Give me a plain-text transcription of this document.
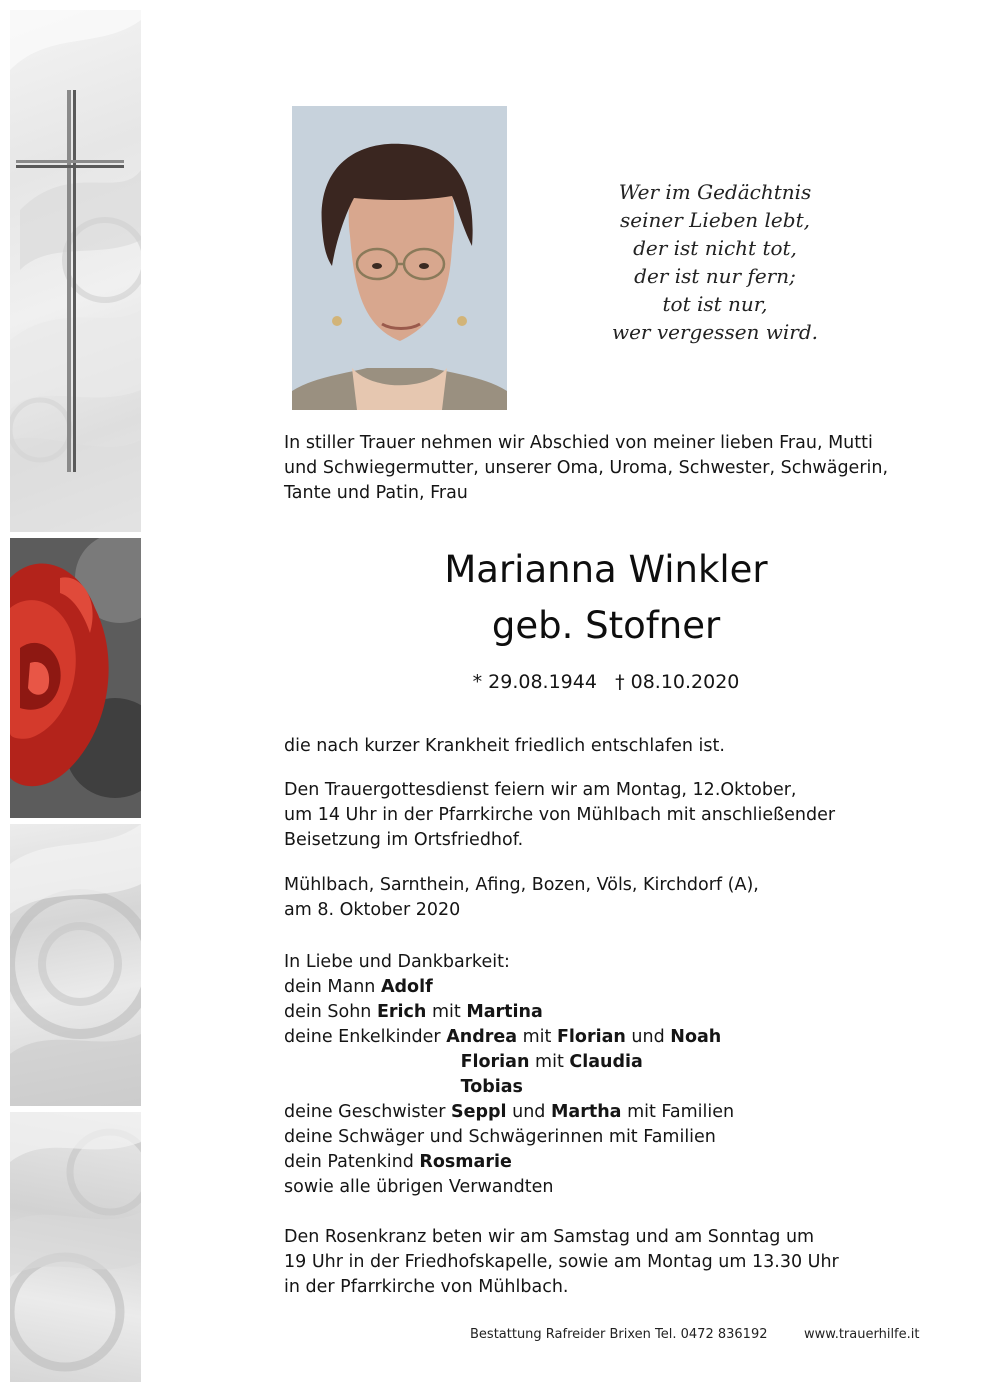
Wer im Gedächtnis
seiner Lieben lebt,
der ist nicht tot,
der ist nur fern;
tot ist nur,
wer vergessen wird.
In stiller Trauer nehmen wir Abschied von meiner lieben Frau, Mutti
und Schwiegermutter, unserer Oma, Uroma, Schwester, Schwägerin,
Tante und Patin, Frau
Marianna Winkler
geb. Stofner
* 29.08.1944 † 08.10.2020
die nach kurzer Krankheit friedlich entschlafen ist.
Den Trauergottesdienst feiern wir am Montag, 12.Oktober,
um 14 Uhr in der Pfarrkirche von Mühlbach mit anschließender
Beisetzung im Ortsfriedhof.
Mühlbach, Sarnthein, Afing, Bozen, Völs, Kirchdorf (A),
am 8. Oktober 2020
In Liebe und Dankbarkeit:
dein Mann Adolf
dein Sohn Erich mit Martina
deine Enkelkinder Andrea mit Florian und Noah
Florian mit Claudia
Tobias
deine Geschwister Seppl und Martha mit Familien
deine Schwäger und Schwägerinnen mit Familien
dein Patenkind Rosmarie
sowie alle übrigen Verwandten
Den Rosenkranz beten wir am Samstag und am Sonntag um
19 Uhr in der Friedhofskapelle, sowie am Montag um 13.30 Uhr
in der Pfarrkirche von Mühlbach.
Bestattung Rafreider Brixen Tel. 0472 836192	www.trauerhilfe.it
